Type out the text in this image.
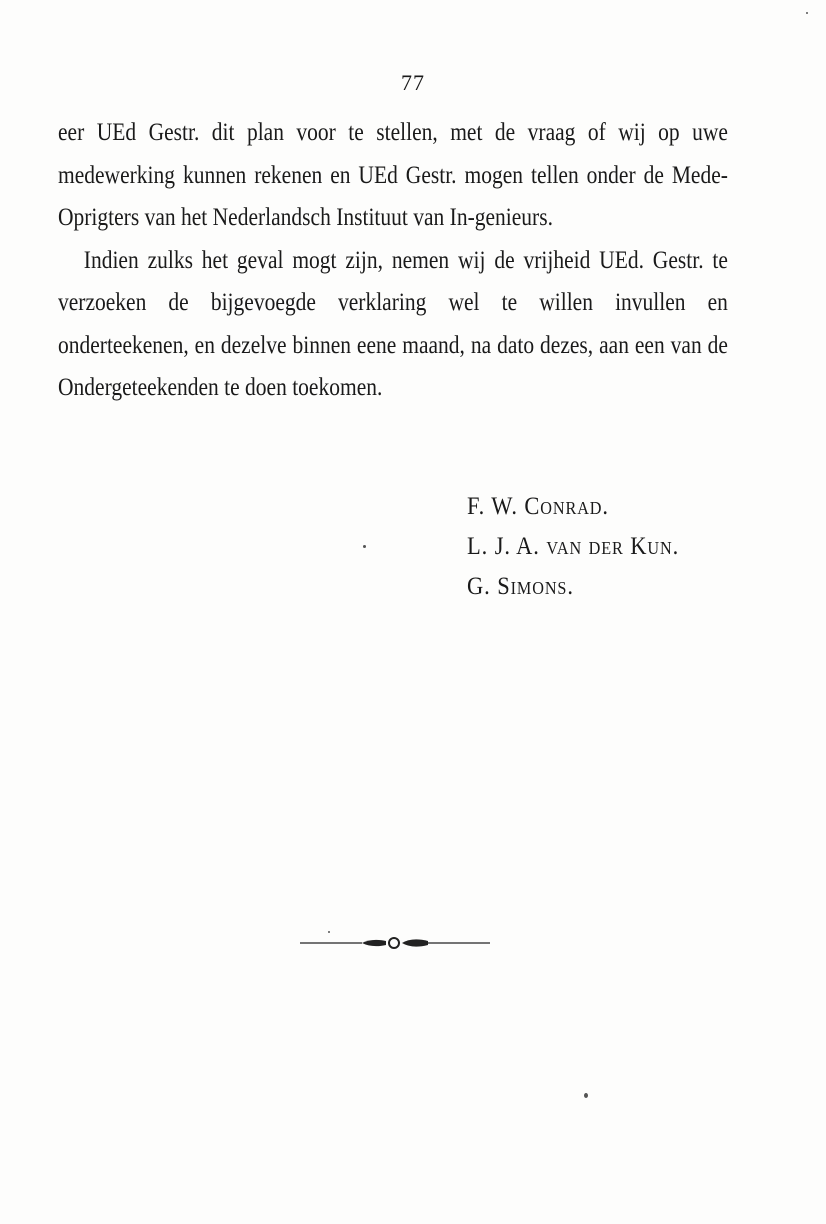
77

eer UEd Gestr. dit plan voor te stellen, met de vraag of wij op uwe medewerking kunnen rekenen en UEd Gestr. mogen tellen onder de Mede-Oprigters van het Nederlandsch Instituut van In-genieurs.

Indien zulks het geval mogt zijn, nemen wij de vrijheid UEd. Gestr. te verzoeken de bijgevoegde verklaring wel te willen invullen en onderteekenen, en dezelve binnen eene maand, na dato dezes, aan een van de Ondergeteekenden te doen toekomen.

F. W. Conrad.

L. J. A. van der Kun.

G. Simons.
